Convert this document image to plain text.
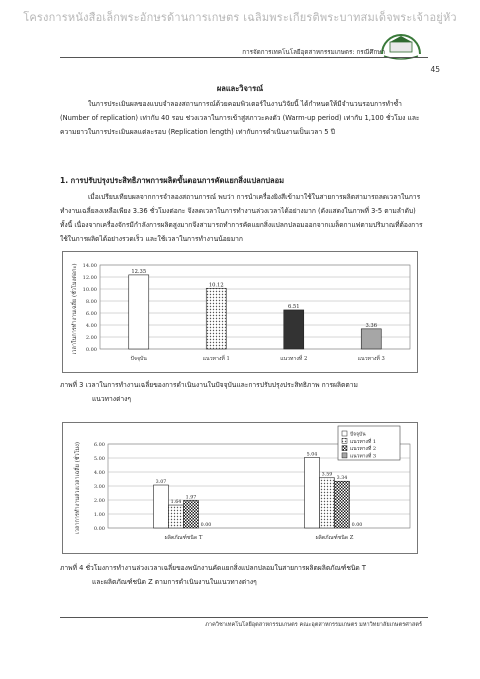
โครงการหนังสือเล็กพระอักษรด้านการเกษตร เฉลิมพระเกียรติพระบาทสมเด็จพระเจ้าอยู่หัว
การจัดการเทคโนโลยีอุตสาหกรรมเกษตร: กรณีศึกษา
45
ผลและวิจารณ์
ในการประเมินผลของแบบจำลองสถานการณ์ด้วยคอมพิวเตอร์ในงานวิจัยนี้ ได้กำหนดให้มีจำนวนรอบการทำซ้ำ (Number of replication) เท่ากับ 40 รอบ ช่วงเวลาในการเข้าสู่สภาวะคงตัว (Warm-up period) เท่ากับ 1,100 ชั่วโมง และความยาวในการประเมินผลแต่ละรอบ (Replication length) เท่ากับการดำเนินงานเป็นเวลา 5 ปี
1. การปรับปรุงประสิทธิภาพการผลิตขั้นตอนการคัดแยกสิ่งแปลกปลอม
เมื่อเปรียบเทียบผลจากการจำลองสถานการณ์ พบว่า การนำเครื่องยิงสีเข้ามาใช้ในสายการผลิตสามารถลดเวลาในการทำงานเฉลี่ยลงเหลือเพียง 3.36 ชั่วโมงต่อกะ จึงลดเวลาในการทำงานล่วงเวลาได้อย่างมาก (ดังแสดงในภาพที่ 3-5 ตามลำดับ) ทั้งนี้ เนื่องจากเครื่องจักรมีกำลังการผลิตสูงมากจึงสามารถทำการคัดแยกสิ่งแปลกปลอมออกจากเมล็ดกาแฟตามปริมาณที่ต้องการใช้ในการผลิตได้อย่างรวดเร็ว และใช้เวลาในการทำงานน้อยมาก
เวลาในการทำงานเฉลี่ย (ชั่วโมงต่อกะ) 0.00
2.00
4.00
6.00
8.00
10.00
12.00
14.00
12.35
10.12
6.51
3.36
ปัจจุบัน	แนวทางที่ 1	แนวทางที่ 2	แนวทางที่ 3
ภาพที่ 3 เวลาในการทำงานเฉลี่ยของการดำเนินงานในปัจจุบันและการปรับปรุงประสิทธิภาพ การผลิตตาม
แนวทางต่างๆ
เวลาการทำงานล่วงเวลาเฉลี่ย (ชั่วโมง)	0.00
1.00
2.00
3.00
4.00
5.00
6.00
3.07
1.64
1.97
0.00
5.04
3.59
3.34
0.00
ผลิตภัณฑ์ชนิด T	ผลิตภัณฑ์ชนิด Z
ปัจจุบัน
แนวทางที่ 1
แนวทางที่ 2
แนวทางที่ 3
ภาพที่ 4 ชั่วโมงการทำงานล่วงเวลาเฉลี่ยของพนักงานคัดแยกสิ่งแปลกปลอมในสายการผลิตผลิตภัณฑ์ชนิด T
และผลิตภัณฑ์ชนิด Z ตามการดำเนินงานในแนวทางต่างๆ
ภาควิชาเทคโนโลยีอุตสาหกรรมเกษตร คณะอุตสาหกรรมเกษตร มหาวิทยาลัยเกษตรศาสตร์
